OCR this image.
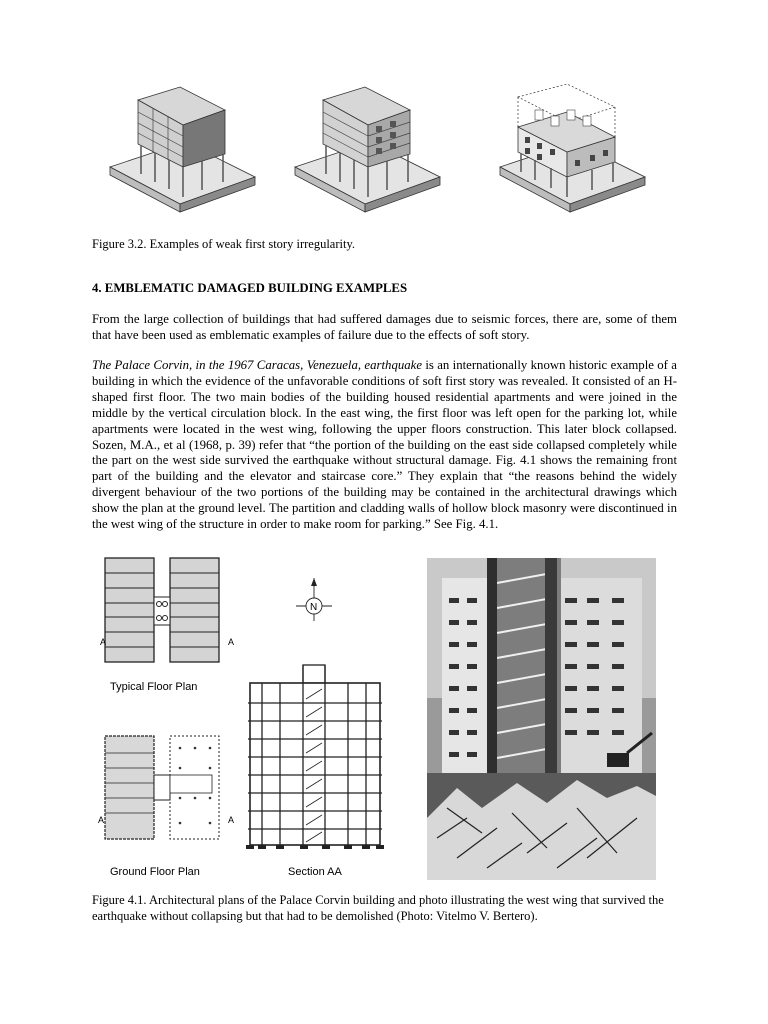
Figure 3.2. Examples of weak first story irregularity.
4. EMBLEMATIC DAMAGED BUILDING EXAMPLES
From the large collection of buildings that had suffered damages due to seismic forces, there are, some of them that have been used as emblematic examples of failure due to the effects of soft story.
The Palace Corvin, in the 1967 Caracas, Venezuela, earthquake is an internationally known historic example of a building in which the evidence of the unfavorable conditions of soft first story was revealed. It consisted of an H-shaped first floor. The two main bodies of the building housed residential apartments and were joined in the middle by the vertical circulation block. In the east wing, the first floor was left open for the parking lot, while apartments were located in the west wing, following the upper floors construction. This later block collapsed. Sozen, M.A., et al (1968, p. 39) refer that “the portion of the building on the east side collapsed completely while the part on the west side survived the earthquake without structural damage. Fig. 4.1 shows the remaining front part of the building and the elevator and staircase core.” They explain that “the reasons behind the widely divergent behaviour of the two portions of the building may be contained in the architectural drawings which show the plan at the ground level. The partition and cladding walls of hollow block masonry were discontinued in the west wing of the structure in order to make room for parking.” See Fig. 4.1.
A	A
Typical Floor Plan
N
A	A
Ground Floor Plan	Section AA
Figure 4.1. Architectural plans of the Palace Corvin building and photo illustrating the west wing that survived the earthquake without collapsing but that had to be demolished (Photo: Vitelmo V. Bertero).
